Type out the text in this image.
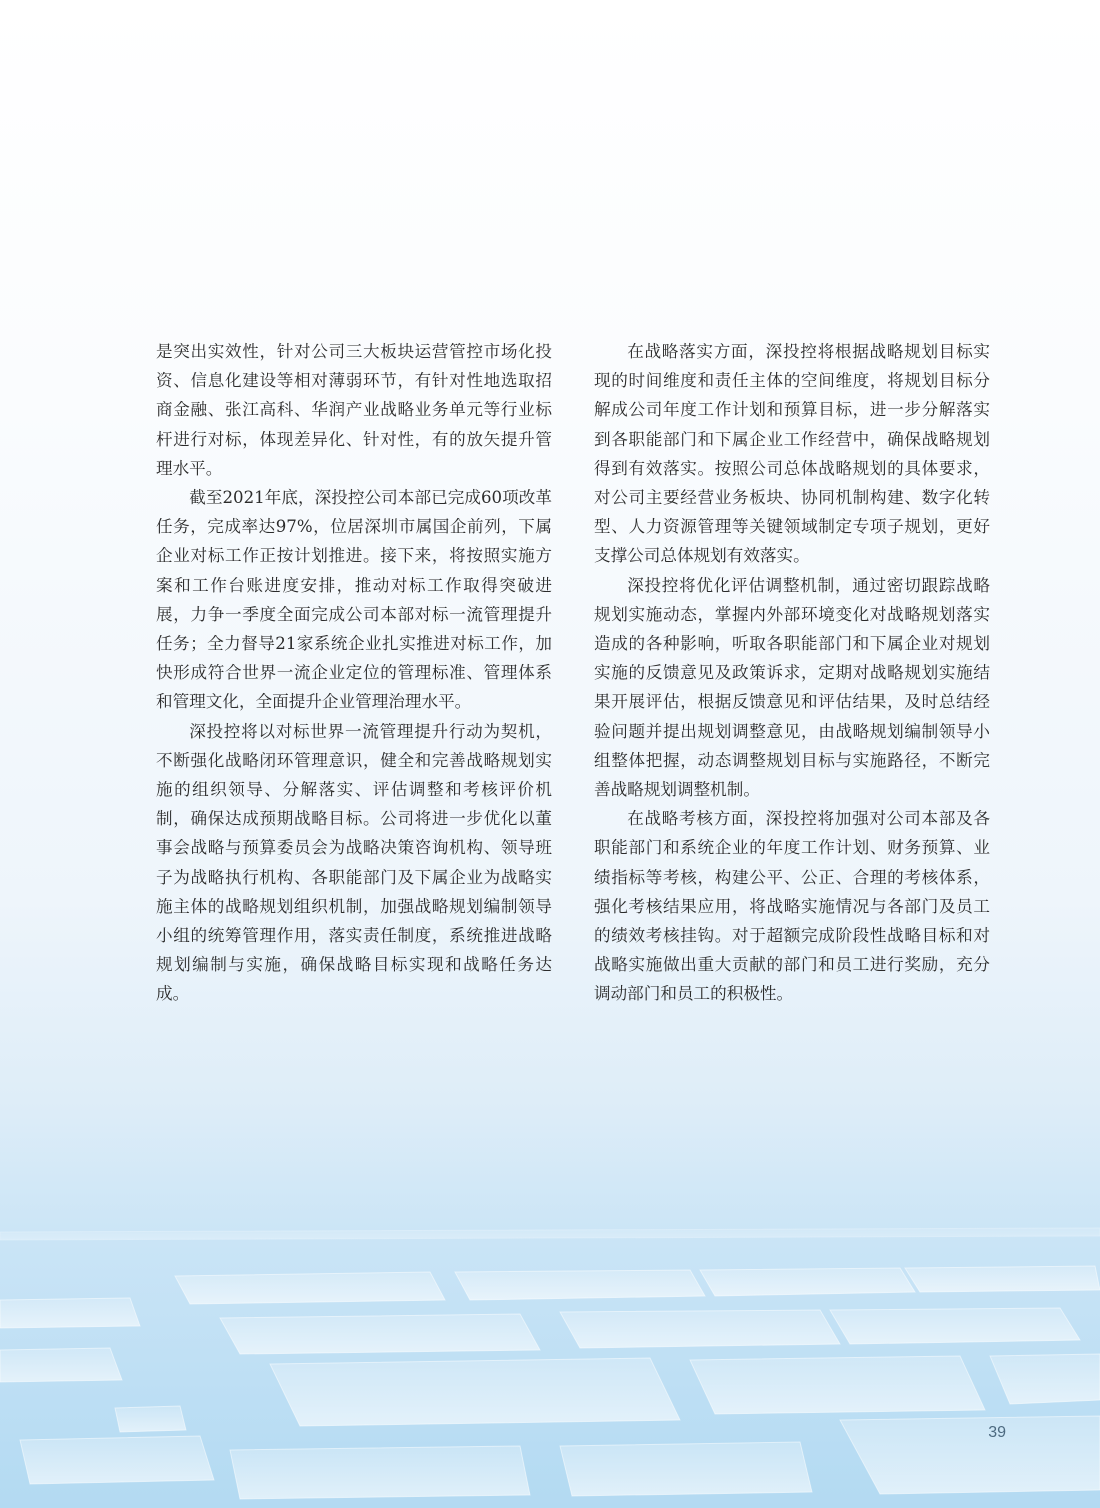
是突出实效性，针对公司三大板块运营管控市场化投资、信息化建设等相对薄弱环节，有针对性地选取招商金融、张江高科、华润产业战略业务单元等行业标杆进行对标，体现差异化、针对性，有的放矢提升管理水平。

截至2021年底，深投控公司本部已完成60项改革任务，完成率达97%，位居深圳市属国企前列，下属企业对标工作正按计划推进。接下来，将按照实施方案和工作台账进度安排，推动对标工作取得突破进展，力争一季度全面完成公司本部对标一流管理提升任务；全力督导21家系统企业扎实推进对标工作，加快形成符合世界一流企业定位的管理标准、管理体系和管理文化，全面提升企业管理治理水平。

深投控将以对标世界一流管理提升行动为契机，不断强化战略闭环管理意识，健全和完善战略规划实施的组织领导、分解落实、评估调整和考核评价机制，确保达成预期战略目标。公司将进一步优化以董事会战略与预算委员会为战略决策咨询机构、领导班子为战略执行机构、各职能部门及下属企业为战略实施主体的战略规划组织机制，加强战略规划编制领导小组的统筹管理作用，落实责任制度，系统推进战略规划编制与实施，确保战略目标实现和战略任务达成。

在战略落实方面，深投控将根据战略规划目标实现的时间维度和责任主体的空间维度，将规划目标分解成公司年度工作计划和预算目标，进一步分解落实到各职能部门和下属企业工作经营中，确保战略规划得到有效落实。按照公司总体战略规划的具体要求，对公司主要经营业务板块、协同机制构建、数字化转型、人力资源管理等关键领域制定专项子规划，更好支撑公司总体规划有效落实。

深投控将优化评估调整机制，通过密切跟踪战略规划实施动态，掌握内外部环境变化对战略规划落实造成的各种影响，听取各职能部门和下属企业对规划实施的反馈意见及政策诉求，定期对战略规划实施结果开展评估，根据反馈意见和评估结果，及时总结经验问题并提出规划调整意见，由战略规划编制领导小组整体把握，动态调整规划目标与实施路径，不断完善战略规划调整机制。

在战略考核方面，深投控将加强对公司本部及各职能部门和系统企业的年度工作计划、财务预算、业绩指标等考核，构建公平、公正、合理的考核体系，强化考核结果应用，将战略实施情况与各部门及员工的绩效考核挂钩。对于超额完成阶段性战略目标和对战略实施做出重大贡献的部门和员工进行奖励，充分调动部门和员工的积极性。

39
